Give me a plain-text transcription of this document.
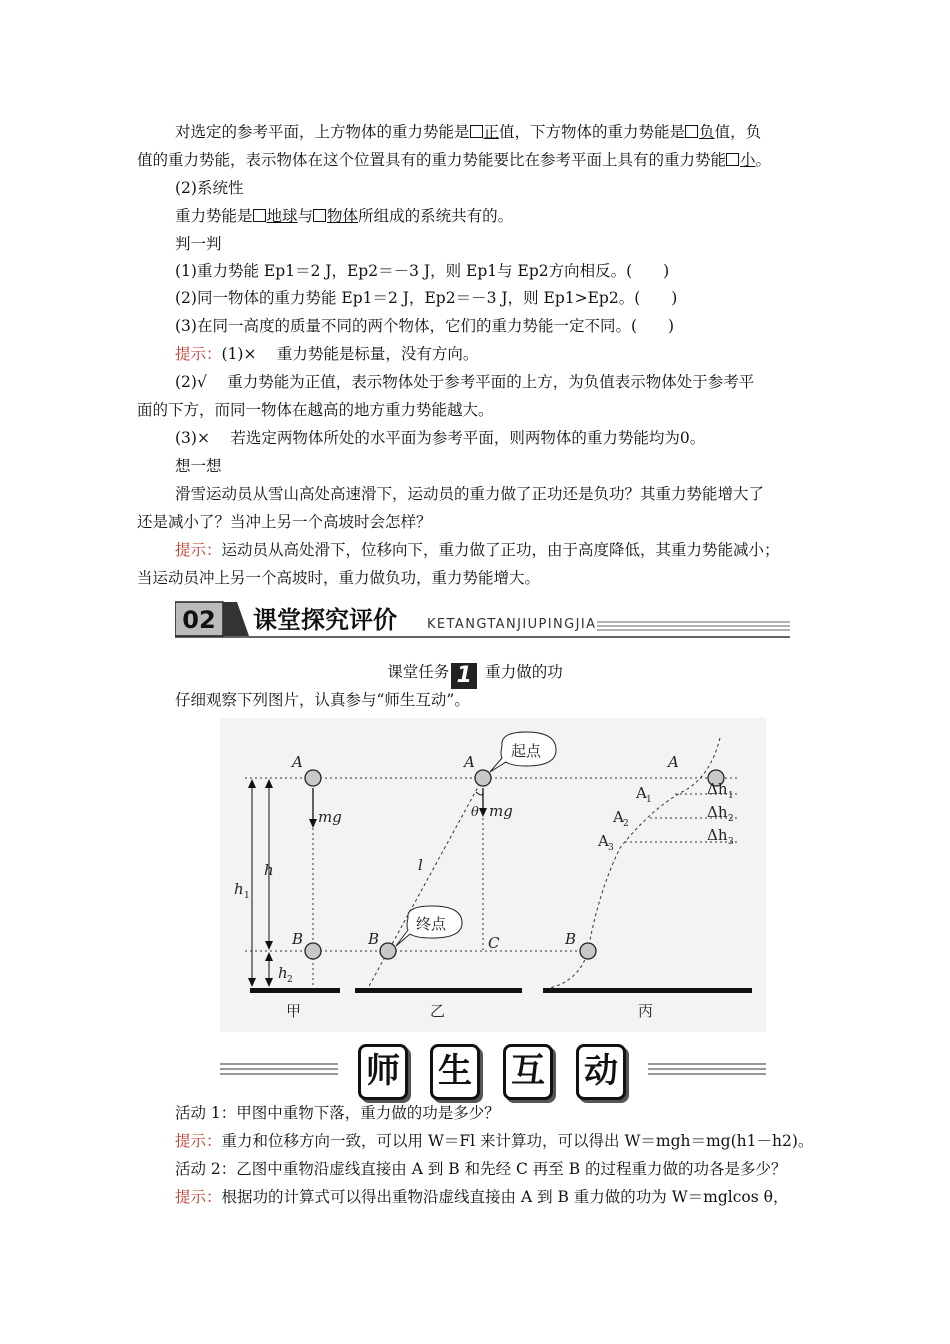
对选定的参考平面，上方物体的重力势能是 正值，下方物体的重力势能是 负值，负
值的重力势能，表示物体在这个位置具有的重力势能要比在参考平面上具有的重力势能 小。
(2)系统性
重力势能是 地球与 物体所组成的系统共有的。
判一判
(1)重力势能 Ep1＝2 J，Ep2＝－3 J，则 Ep1与 Ep2方向相反。(　　)
(2)同一物体的重力势能 Ep1＝2 J，Ep2＝－3 J，则 Ep1>Ep2。(　　)
(3)在同一高度的质量不同的两个物体，它们的重力势能一定不同。(　　)
提示：(1)×　 重力势能是标量，没有方向。
(2)√　 重力势能为正值，表示物体处于参考平面的上方，为负值表示物体处于参考平
面的下方，而同一物体在越高的地方重力势能越大。
(3)×　 若选定两物体所处的水平面为参考平面，则两物体的重力势能均为0。
想一想
滑雪运动员从雪山高处高速滑下，运动员的重力做了正功还是负功？其重力势能增大了
还是减小了？当冲上另一个高坡时会怎样？
提示：运动员从高处滑下，位移向下，重力做了正功，由于高度降低，其重力势能减小；
当运动员冲上另一个高坡时，重力做负功，重力势能增大。
02 课堂探究评价 KETANGTANJIUPINGJIA
课堂任务 1 重力做的功
仔细观察下列图片，认真参与“师生互动”。
mg
A
B
h 1
h
h 2
甲
mg
θ
A
B	C
l
起点
终点
乙
A
B
A 1
A 2
A 3
Δh 1
Δh 2
Δh 3
丙
师 生 互 动
活动 1：甲图中重物下落，重力做的功是多少？
提示：重力和位移方向一致，可以用 W＝Fl 来计算功，可以得出 W＝mgh＝mg(h1－h2)。
活动 2：乙图中重物沿虚线直接由 A 到 B 和先经 C 再至 B 的过程重力做的功各是多少？
提示：根据功的计算式可以得出重物沿虚线直接由 A 到 B 重力做的功为 W＝mglcos θ，
